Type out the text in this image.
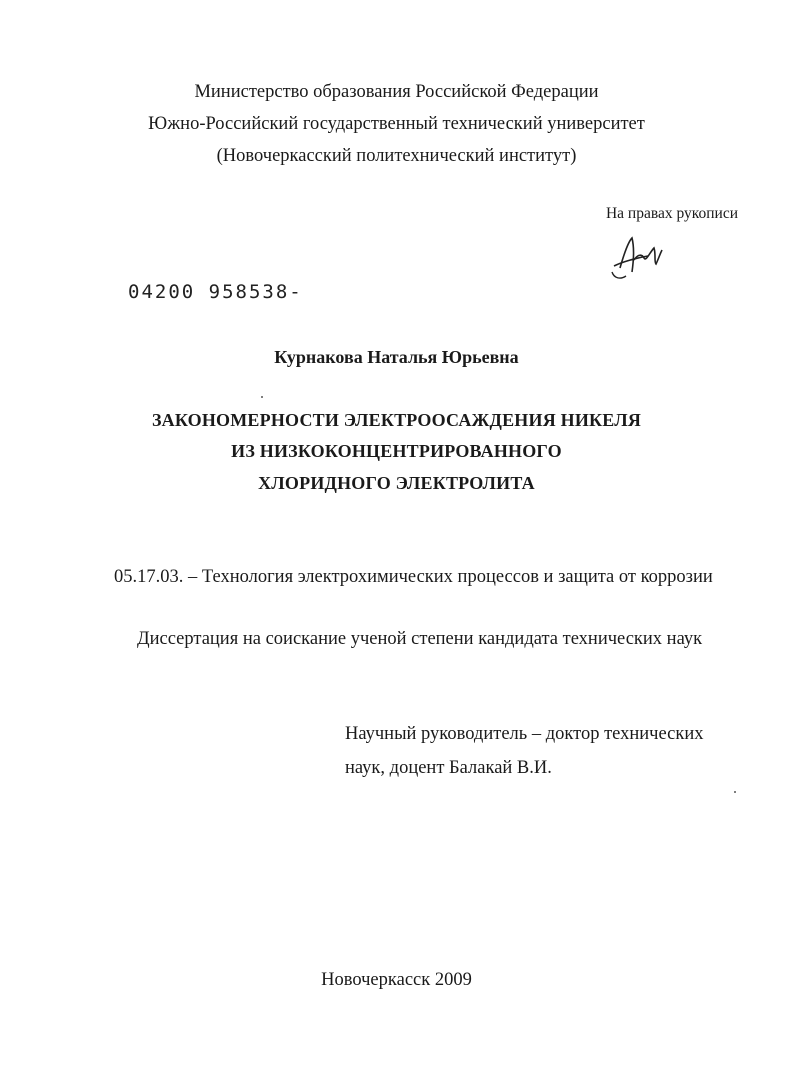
Министерство образования Российской Федерации
Южно-Российский государственный технический университет
(Новочеркасский политехнический институт)
На правах рукописи
04200 958538-
Курнакова Наталья Юрьевна
ЗАКОНОМЕРНОСТИ ЭЛЕКТРООСАЖДЕНИЯ НИКЕЛЯ
ИЗ НИЗКОКОНЦЕНТРИРОВАННОГО
ХЛОРИДНОГО ЭЛЕКТРОЛИТА
05.17.03. – Технология электрохимических процессов и защита от коррозии
Диссертация на соискание ученой степени кандидата технических наук
Научный руководитель – доктор технических
наук, доцент Балакай В.И.
Новочеркасск 2009
